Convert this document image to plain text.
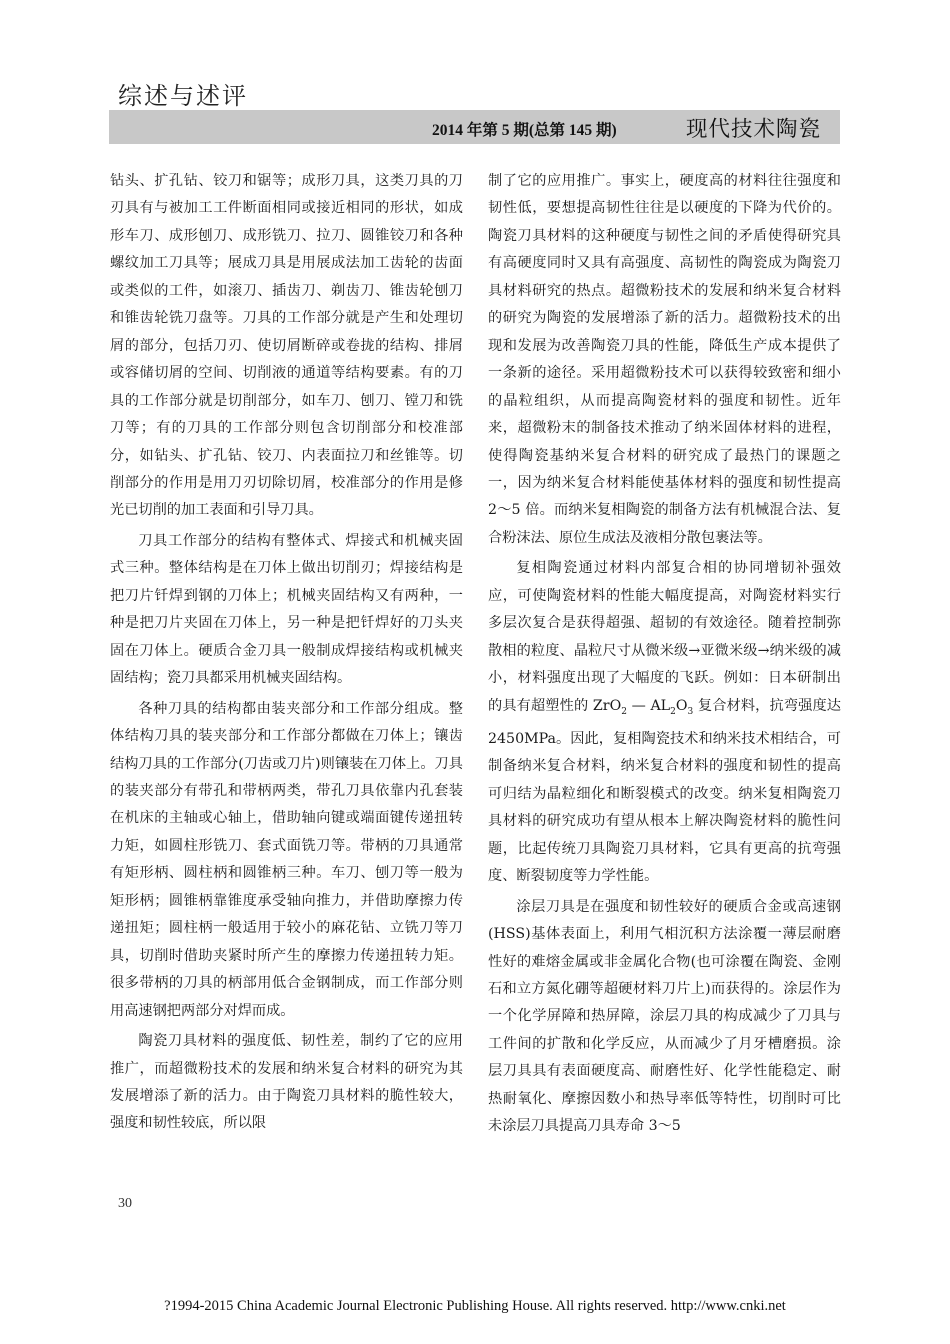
综述与述评
2014 年第 5 期(总第 145 期)	现代技术陶瓷

钻头、扩孔钻、铰刀和锯等；成形刀具，这类刀具的刀刃具有与被加工工件断面相同或接近相同的形状，如成形车刀、成形刨刀、成形铣刀、拉刀、圆锥铰刀和各种螺纹加工刀具等；展成刀具是用展成法加工齿轮的齿面或类似的工件，如滚刀、插齿刀、剃齿刀、锥齿轮刨刀和锥齿轮铣刀盘等。刀具的工作部分就是产生和处理切屑的部分，包括刀刃、使切屑断碎或卷拢的结构、排屑或容储切屑的空间、切削液的通道等结构要素。有的刀具的工作部分就是切削部分，如车刀、刨刀、镗刀和铣刀等；有的刀具的工作部分则包含切削部分和校准部分，如钻头、扩孔钻、铰刀、内表面拉刀和丝锥等。切削部分的作用是用刀刃切除切屑，校准部分的作用是修光已切削的加工表面和引导刀具。

刀具工作部分的结构有整体式、焊接式和机械夹固式三种。整体结构是在刀体上做出切削刃；焊接结构是把刀片钎焊到钢的刀体上；机械夹固结构又有两种，一种是把刀片夹固在刀体上，另一种是把钎焊好的刀头夹固在刀体上。硬质合金刀具一般制成焊接结构或机械夹固结构；瓷刀具都采用机械夹固结构。

各种刀具的结构都由装夹部分和工作部分组成。整体结构刀具的装夹部分和工作部分都做在刀体上；镶齿结构刀具的工作部分(刀齿或刀片)则镶装在刀体上。刀具的装夹部分有带孔和带柄两类，带孔刀具依靠内孔套装在机床的主轴或心轴上，借助轴向键或端面键传递扭转力矩，如圆柱形铣刀、套式面铣刀等。带柄的刀具通常有矩形柄、圆柱柄和圆锥柄三种。车刀、刨刀等一般为矩形柄；圆锥柄靠锥度承受轴向推力，并借助摩擦力传递扭矩；圆柱柄一般适用于较小的麻花钻、立铣刀等刀具，切削时借助夹紧时所产生的摩擦力传递扭转力矩。很多带柄的刀具的柄部用低合金钢制成，而工作部分则用高速钢把两部分对焊而成。

陶瓷刀具材料的强度低、韧性差，制约了它的应用推广，而超微粉技术的发展和纳米复合材料的研究为其发展增添了新的活力。由于陶瓷刀具材料的脆性较大，强度和韧性较底，所以限

制了它的应用推广。事实上，硬度高的材料往往强度和韧性低，要想提高韧性往往是以硬度的下降为代价的。陶瓷刀具材料的这种硬度与韧性之间的矛盾使得研究具有高硬度同时又具有高强度、高韧性的陶瓷成为陶瓷刀具材料研究的热点。超微粉技术的发展和纳米复合材料的研究为陶瓷的发展增添了新的活力。超微粉技术的出现和发展为改善陶瓷刀具的性能，降低生产成本提供了一条新的途径。采用超微粉技术可以获得较致密和细小的晶粒组织，从而提高陶瓷材料的强度和韧性。近年来，超微粉末的制备技术推动了纳米固体材料的进程，使得陶瓷基纳米复合材料的研究成了最热门的课题之一，因为纳米复合材料能使基体材料的强度和韧性提高 2～5 倍。而纳米复相陶瓷的制备方法有机械混合法、复合粉沫法、原位生成法及液相分散包裹法等。

复相陶瓷通过材料内部复合相的协同增韧补强效应，可使陶瓷材料的性能大幅度提高，对陶瓷材料实行多层次复合是获得超强、超韧的有效途径。随着控制弥散相的粒度、晶粒尺寸从微米级→亚微米级→纳米级的减小，材料强度出现了大幅度的飞跃。例如：日本研制出的具有超塑性的 ZrO$_2$ — $AL_2O_3$ 复合材料，抗弯强度达 2450MPa。因此，复相陶瓷技术和纳米技术相结合，可制备纳米复合材料，纳米复合材料的强度和韧性的提高可归结为晶粒细化和断裂模式的改变。纳米复相陶瓷刀具材料的研究成功有望从根本上解决陶瓷材料的脆性问题，比起传统刀具陶瓷刀具材料，它具有更高的抗弯强度、断裂韧度等力学性能。

涂层刀具是在强度和韧性较好的硬质合金或高速钢(HSS)基体表面上，利用气相沉积方法涂覆一薄层耐磨性好的难熔金属或非金属化合物(也可涂覆在陶瓷、金刚石和立方氮化硼等超硬材料刀片上)而获得的。涂层作为一个化学屏障和热屏障，涂层刀具的构成减少了刀具与工件间的扩散和化学反应，从而减少了月牙槽磨损。涂层刀具具有表面硬度高、耐磨性好、化学性能稳定、耐热耐氧化、摩擦因数小和热导率低等特性，切削时可比未涂层刀具提高刀具寿命 3～5

30
?1994-2015 China Academic Journal Electronic Publishing House. All rights reserved. http://www.cnki.net
